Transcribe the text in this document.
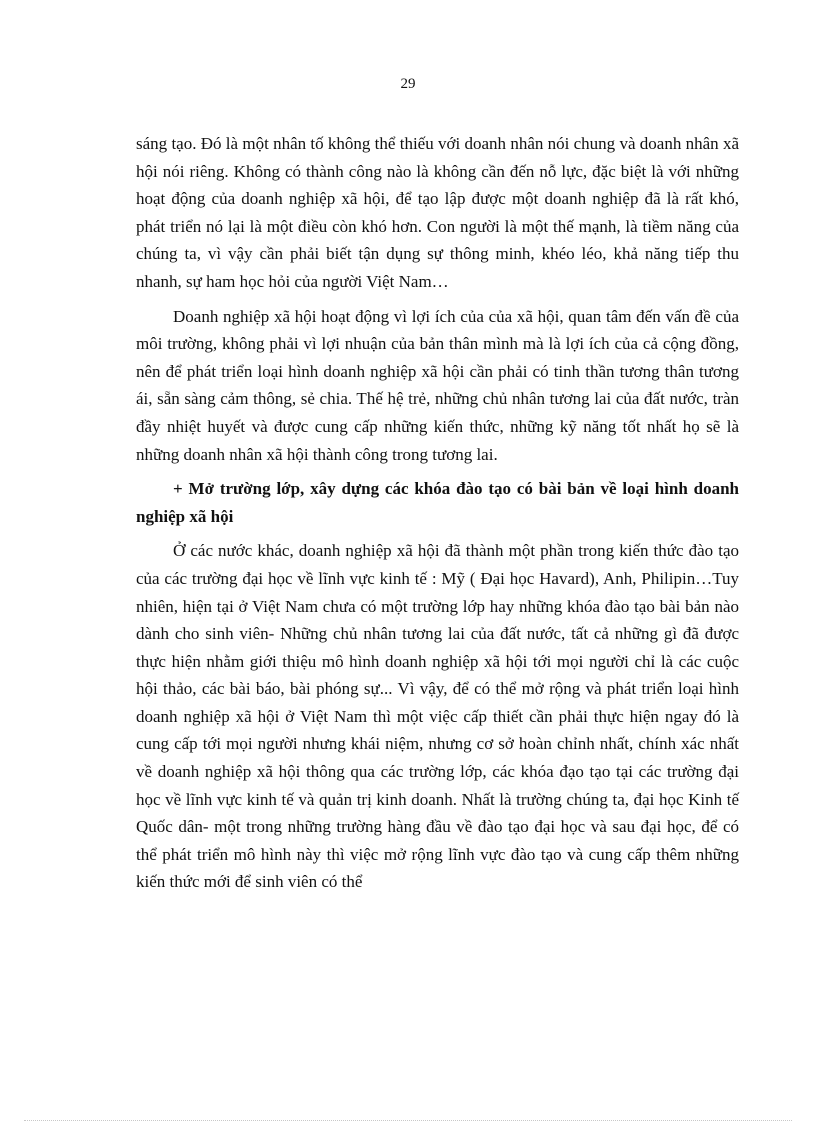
29

sáng tạo. Đó là một nhân tố không thể thiếu với doanh nhân nói chung và doanh nhân xã hội nói riêng. Không có thành công nào là không cần đến nỗ lực, đặc biệt là với những hoạt động của doanh nghiệp xã hội, để tạo lập được một doanh nghiệp đã là rất khó, phát triển nó lại là một điều còn khó hơn. Con người là một thế mạnh, là tiềm năng của chúng ta, vì vậy cần phải biết tận dụng sự thông minh, khéo léo, khả năng tiếp thu nhanh, sự ham học hỏi của người Việt Nam…

Doanh nghiệp xã hội hoạt động vì lợi ích của của xã hội, quan tâm đến vấn đề của môi trường, không phải vì lợi nhuận của bản thân mình mà là lợi ích của cả cộng đồng, nên để phát triển loại hình doanh nghiệp xã hội cần phải có tinh thần tương thân tương ái, sẵn sàng cảm thông, sẻ chia. Thế hệ trẻ, những chủ nhân tương lai của đất nước, tràn đầy nhiệt huyết và được cung cấp những kiến thức, những kỹ năng tốt nhất họ sẽ là những doanh nhân xã hội thành công trong tương lai.

+ Mở trường lớp, xây dựng các khóa đào tạo có bài bản về loại hình doanh nghiệp xã hội

Ở các nước khác, doanh nghiệp xã hội đã thành một phần trong kiến thức đào tạo của các trường đại học về lĩnh vực kinh tế : Mỹ ( Đại học Havard), Anh, Philipin…Tuy nhiên, hiện tại ở Việt Nam chưa có một trường lớp hay những khóa đào tạo bài bản nào dành cho sinh viên- Những chủ nhân tương lai của đất nước, tất cả những gì đã được thực hiện nhằm giới thiệu mô hình doanh nghiệp xã hội tới mọi người chỉ là các cuộc hội thảo, các bài báo, bài phóng sự... Vì vậy, để có thể mở rộng và phát triển loại hình doanh nghiệp xã hội ở Việt Nam thì một việc cấp thiết cần phải thực hiện ngay đó là cung cấp tới mọi người nhưng khái niệm, nhưng cơ sở hoàn chỉnh nhất, chính xác nhất về doanh nghiệp xã hội thông qua các trường lớp, các khóa đạo tạo tại các trường đại học về lĩnh vực kinh tế và quản trị kinh doanh. Nhất là trường chúng ta, đại học Kinh tế Quốc dân- một trong những trường hàng đầu về đào tạo đại học và sau đại học, để có thể phát triển mô hình này thì việc mở rộng lĩnh vực đào tạo và cung cấp thêm những kiến thức mới để sinh viên có thể
